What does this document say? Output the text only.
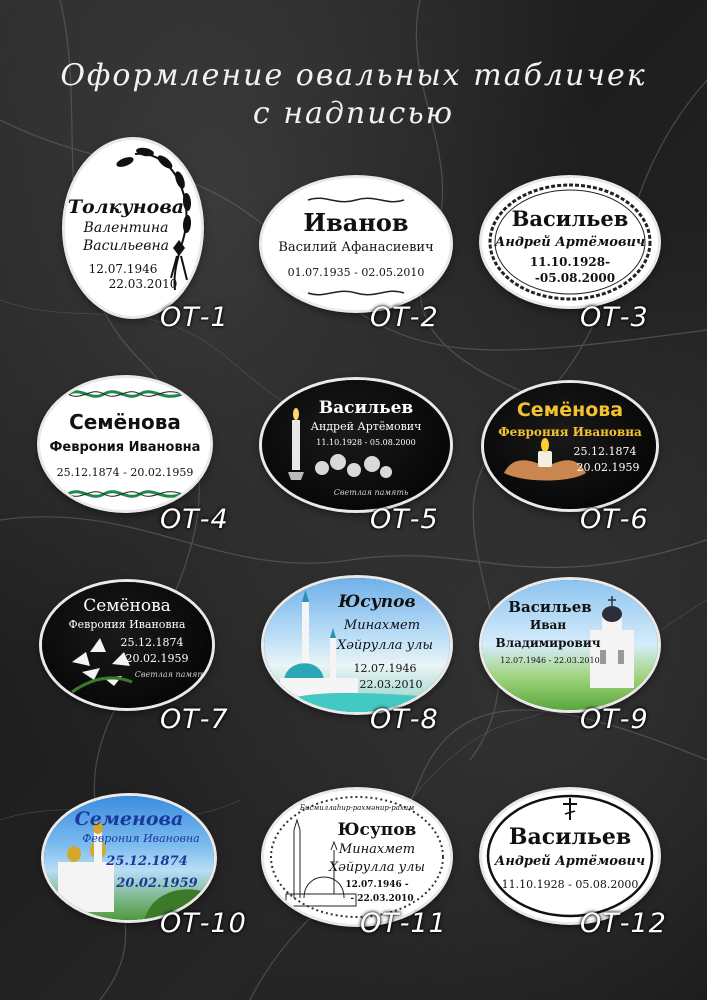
Оформление овальных табличек
с надписью
Толкунова
Валентина
Васильевна
12.07.1946
22.03.2010
ОТ-1
Иванов
Василий Афанасиевич
01.07.1935 - 02.05.2010
ОТ-2
Васильев
Андрей Артёмович
11.10.1928-
-05.08.2000
ОТ-3
Семёнова
Феврония Ивановна
25.12.1874 - 20.02.1959
ОТ-4
Васильев
Андрей Артёмович
11.10.1928 - 05.08.2000
Светлая память
ОТ-5
Семёнова
Феврония Ивановна
25.12.1874
20.02.1959
ОТ-6
Семёнова
Феврония Ивановна
25.12.1874
20.02.1959
Светлая память
ОТ-7
Юсупов
Минахмет
Хәйрулла улы
12.07.1946
22.03.2010
ОТ-8
Васильев
Иван
Владимирович
12.07.1946 - 22.03.2010
ОТ-9
Семенова
Феврония Ивановна
25.12.1874
20.02.1959
ОТ-10
Бисмиллаһир-рахмәнир-рахим
Юсупов
Минахмет
Хәйрулла улы
12.07.1946 -
- 22.03.2010
ОТ-11
Васильев
Андрей Артёмович
11.10.1928 - 05.08.2000
ОТ-12
